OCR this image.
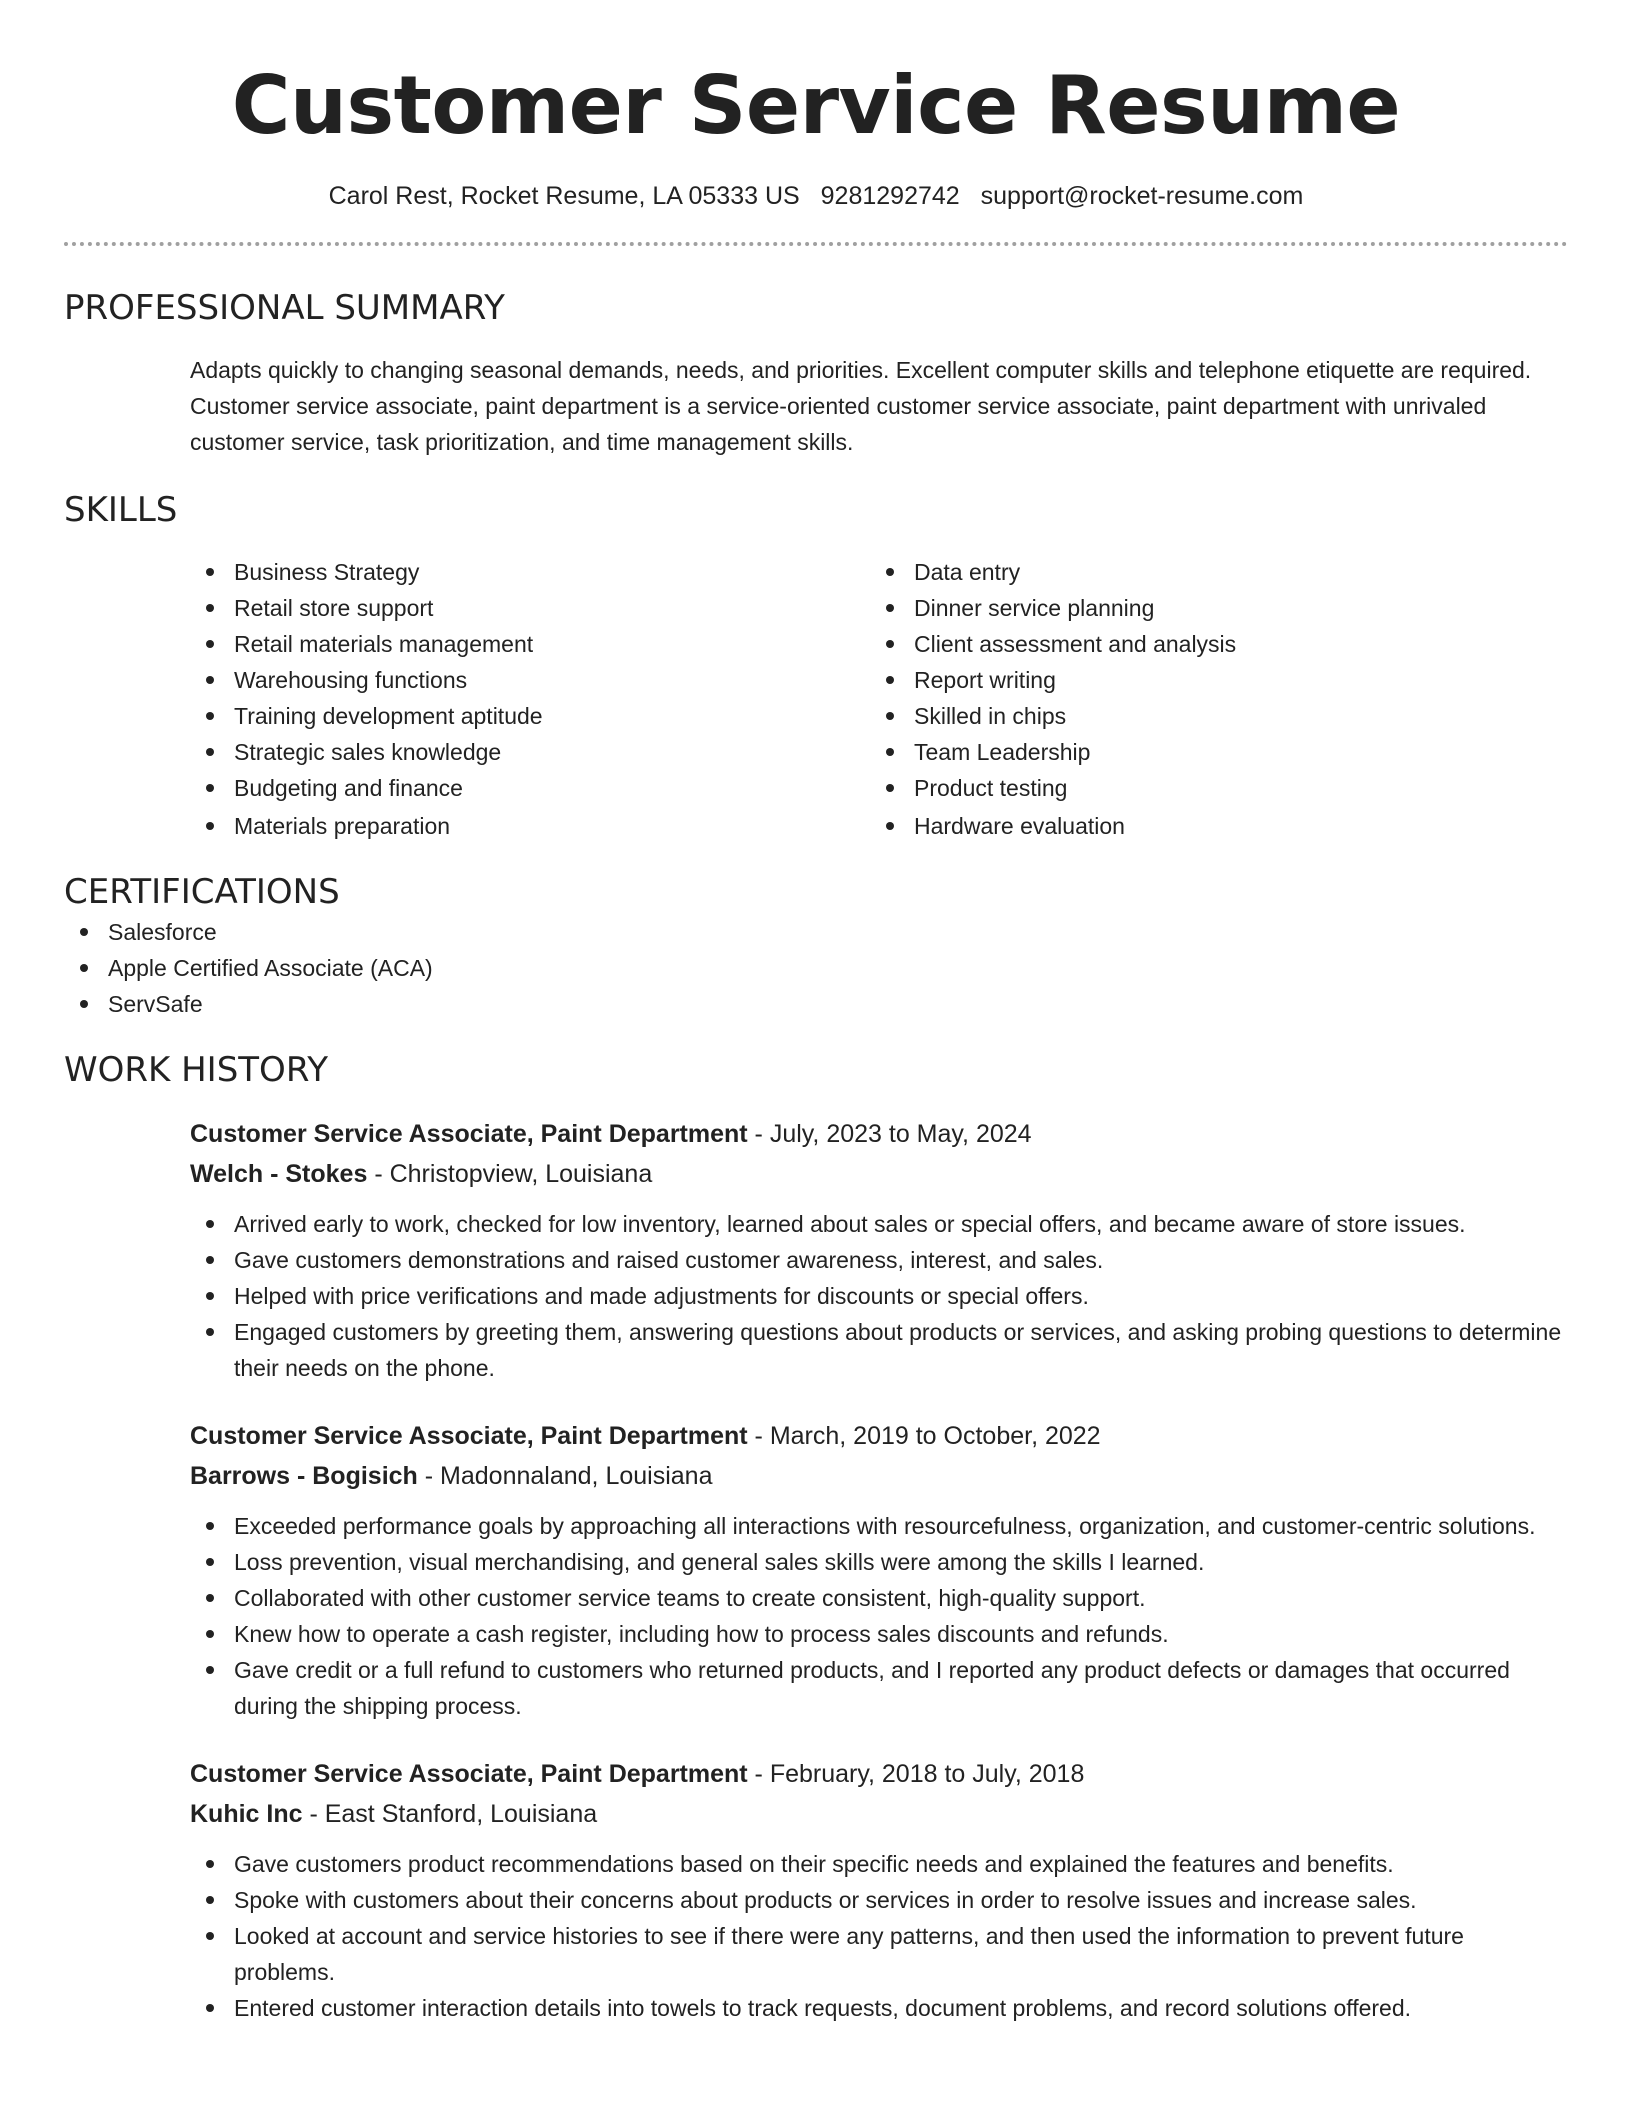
Customer Service Resume
Carol Rest, Rocket Resume, LA 05333 US 9281292742 support@rocket-resume.com
PROFESSIONAL SUMMARY

Adapts quickly to changing seasonal demands, needs, and priorities. Excellent computer skills and telephone etiquette are required. Customer service associate, paint department is a service-oriented customer service associate, paint department with unrivaled customer service, task prioritization, and time management skills.

SKILLS
Business Strategy
Retail store support
Retail materials management
Warehousing functions
Training development aptitude
Strategic sales knowledge
Budgeting and finance
Materials preparation
Data entry
Dinner service planning
Client assessment and analysis
Report writing
Skilled in chips
Team Leadership
Product testing
Hardware evaluation
CERTIFICATIONS
Salesforce
Apple Certified Associate (ACA)
ServSafe
WORK HISTORY
Customer Service Associate, Paint Department - July, 2023 to May, 2024
Welch - Stokes - Christopview, Louisiana
Arrived early to work, checked for low inventory, learned about sales or special offers, and became aware of store issues.
Gave customers demonstrations and raised customer awareness, interest, and sales.
Helped with price verifications and made adjustments for discounts or special offers.
Engaged customers by greeting them, answering questions about products or services, and asking probing questions to determine their needs on the phone.
Customer Service Associate, Paint Department - March, 2019 to October, 2022
Barrows - Bogisich - Madonnaland, Louisiana
Exceeded performance goals by approaching all interactions with resourcefulness, organization, and customer-centric solutions.
Loss prevention, visual merchandising, and general sales skills were among the skills I learned.
Collaborated with other customer service teams to create consistent, high-quality support.
Knew how to operate a cash register, including how to process sales discounts and refunds.
Gave credit or a full refund to customers who returned products, and I reported any product defects or damages that occurred during the shipping process.
Customer Service Associate, Paint Department - February, 2018 to July, 2018
Kuhic Inc - East Stanford, Louisiana
Gave customers product recommendations based on their specific needs and explained the features and benefits.
Spoke with customers about their concerns about products or services in order to resolve issues and increase sales.
Looked at account and service histories to see if there were any patterns, and then used the information to prevent future problems.
Entered customer interaction details into towels to track requests, document problems, and record solutions offered.
